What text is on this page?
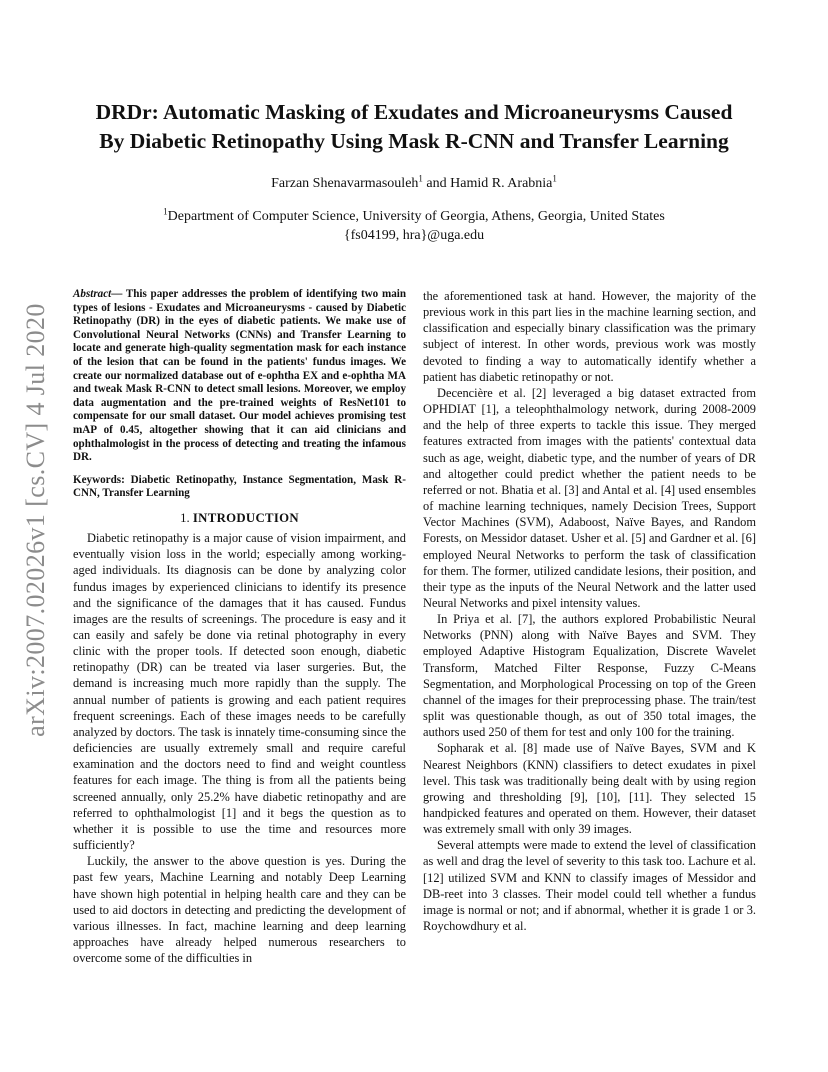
arXiv:2007.02026v1 [cs.CV] 4 Jul 2020
DRDr: Automatic Masking of Exudates and Microaneurysms Caused
By Diabetic Retinopathy Using Mask R-CNN and Transfer Learning
Farzan Shenavarmasouleh$^1$ and Hamid R. Arabnia$^1$
$^1$Department of Computer Science, University of Georgia, Athens, Georgia, United States
{fs04199, hra}@uga.edu
Abstract— This paper addresses the problem of identifying two main types of lesions - Exudates and Microaneurysms - caused by Diabetic Retinopathy (DR) in the eyes of diabetic patients. We make use of Convolutional Neural Networks (CNNs) and Transfer Learning to locate and generate high-quality segmentation mask for each instance of the lesion that can be found in the patients' fundus images. We create our normalized database out of e-ophtha EX and e-ophtha MA and tweak Mask R-CNN to detect small lesions. Moreover, we employ data augmentation and the pre-trained weights of ResNet101 to compensate for our small dataset. Our model achieves promising test mAP of 0.45, altogether showing that it can aid clinicians and ophthalmologist in the process of detecting and treating the infamous DR.
Keywords: Diabetic Retinopathy, Instance Segmentation, Mask R-CNN, Transfer Learning
1. INTRODUCTION

Diabetic retinopathy is a major cause of vision impairment, and eventually vision loss in the world; especially among working-aged individuals. Its diagnosis can be done by analyzing color fundus images by experienced clinicians to identify its presence and the significance of the damages that it has caused. Fundus images are the results of screenings. The procedure is easy and it can easily and safely be done via retinal photography in every clinic with the proper tools. If detected soon enough, diabetic retinopathy (DR) can be treated via laser surgeries. But, the demand is increasing much more rapidly than the supply. The annual number of patients is growing and each patient requires frequent screenings. Each of these images needs to be carefully analyzed by doctors. The task is innately time-consuming since the deficiencies are usually extremely small and require careful examination and the doctors need to find and weight countless features for each image. The thing is from all the patients being screened annually, only 25.2% have diabetic retinopathy and are referred to ophthalmologist [1] and it begs the question as to whether it is possible to use the time and resources more sufficiently?

Luckily, the answer to the above question is yes. During the past few years, Machine Learning and notably Deep Learning have shown high potential in helping health care and they can be used to aid doctors in detecting and predicting the development of various illnesses. In fact, machine learning and deep learning approaches have already helped numerous researchers to overcome some of the difficulties in

the aforementioned task at hand. However, the majority of the previous work in this part lies in the machine learning section, and classification and especially binary classification was the primary subject of interest. In other words, previous work was mostly devoted to finding a way to automatically identify whether a patient has diabetic retinopathy or not.

Decencière et al. [2] leveraged a big dataset extracted from OPHDIAT [1], a teleophthalmology network, during 2008-2009 and the help of three experts to tackle this issue. They merged features extracted from images with the patients' contextual data such as age, weight, diabetic type, and the number of years of DR and altogether could predict whether the patient needs to be referred or not. Bhatia et al. [3] and Antal et al. [4] used ensembles of machine learning techniques, namely Decision Trees, Support Vector Machines (SVM), Adaboost, Naïve Bayes, and Random Forests, on Messidor dataset. Usher et al. [5] and Gardner et al. [6] employed Neural Networks to perform the task of classification for them. The former, utilized candidate lesions, their position, and their type as the inputs of the Neural Network and the latter used Neural Networks and pixel intensity values.

In Priya et al. [7], the authors explored Probabilistic Neural Networks (PNN) along with Naïve Bayes and SVM. They employed Adaptive Histogram Equalization, Discrete Wavelet Transform, Matched Filter Response, Fuzzy C-Means Segmentation, and Morphological Processing on top of the Green channel of the images for their preprocessing phase. The train/test split was questionable though, as out of 350 total images, the authors used 250 of them for test and only 100 for the training.

Sopharak et al. [8] made use of Naïve Bayes, SVM and K Nearest Neighbors (KNN) classifiers to detect exudates in pixel level. This task was traditionally being dealt with by using region growing and thresholding [9], [10], [11]. They selected 15 handpicked features and operated on them. However, their dataset was extremely small with only 39 images.

Several attempts were made to extend the level of classification as well and drag the level of severity to this task too. Lachure et al. [12] utilized SVM and KNN to classify images of Messidor and DB-reet into 3 classes. Their model could tell whether a fundus image is normal or not; and if abnormal, whether it is grade 1 or 3. Roychowdhury et al.
